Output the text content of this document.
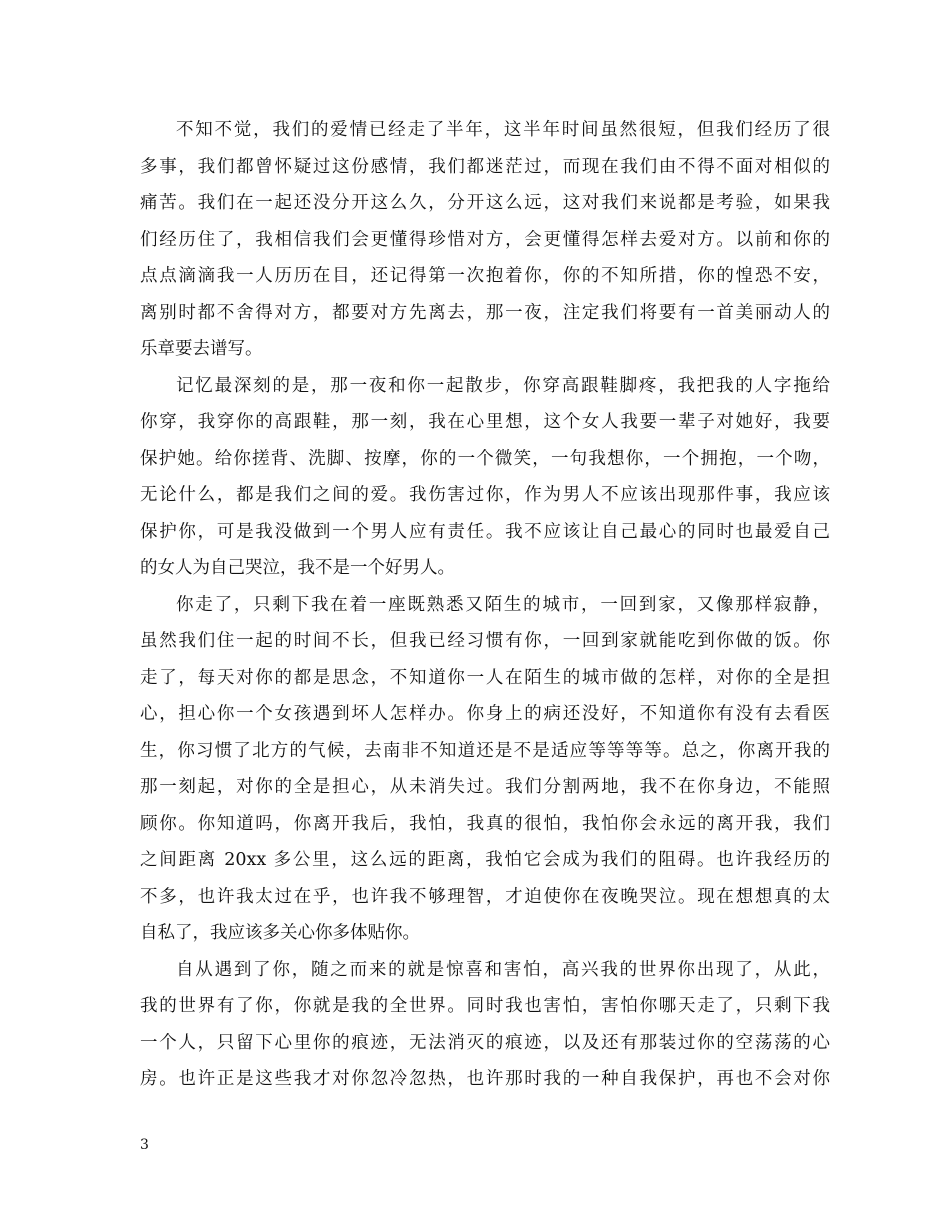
不知不觉，我们的爱情已经走了半年，这半年时间虽然很短，但我们经历了很
多事，我们都曾怀疑过这份感情，我们都迷茫过，而现在我们由不得不面对相似的
痛苦。我们在一起还没分开这么久，分开这么远，这对我们来说都是考验，如果我
们经历住了，我相信我们会更懂得珍惜对方，会更懂得怎样去爱对方。以前和你的
点点滴滴我一人历历在目，还记得第一次抱着你，你的不知所措，你的惶恐不安，
离别时都不舍得对方，都要对方先离去，那一夜，注定我们将要有一首美丽动人的
乐章要去谱写。
记忆最深刻的是，那一夜和你一起散步，你穿高跟鞋脚疼，我把我的人字拖给
你穿，我穿你的高跟鞋，那一刻，我在心里想，这个女人我要一辈子对她好，我要
保护她。给你搓背、洗脚、按摩，你的一个微笑，一句我想你，一个拥抱，一个吻，
无论什么，都是我们之间的爱。我伤害过你，作为男人不应该出现那件事，我应该
保护你，可是我没做到一个男人应有责任。我不应该让自己最心的同时也最爱自己
的女人为自己哭泣，我不是一个好男人。
你走了，只剩下我在着一座既熟悉又陌生的城市，一回到家，又像那样寂静，
虽然我们住一起的时间不长，但我已经习惯有你，一回到家就能吃到你做的饭。你
走了，每天对你的都是思念，不知道你一人在陌生的城市做的怎样，对你的全是担
心，担心你一个女孩遇到坏人怎样办。你身上的病还没好，不知道你有没有去看医
生，你习惯了北方的气候，去南非不知道还是不是适应等等等等。总之，你离开我的
那一刻起，对你的全是担心，从未消失过。我们分割两地，我不在你身边，不能照
顾你。你知道吗，你离开我后，我怕，我真的很怕，我怕你会永远的离开我，我们
之间距离 20xx 多公里，这么远的距离，我怕它会成为我们的阻碍。也许我经历的
不多，也许我太过在乎，也许我不够理智，才迫使你在夜晚哭泣。现在想想真的太
自私了，我应该多关心你多体贴你。
自从遇到了你，随之而来的就是惊喜和害怕，高兴我的世界你出现了，从此，
我的世界有了你，你就是我的全世界。同时我也害怕，害怕你哪天走了，只剩下我
一个人，只留下心里你的痕迹，无法消灭的痕迹，以及还有那装过你的空荡荡的心
房。也许正是这些我才对你忽冷忽热，也许那时我的一种自我保护，再也不会对你
3
